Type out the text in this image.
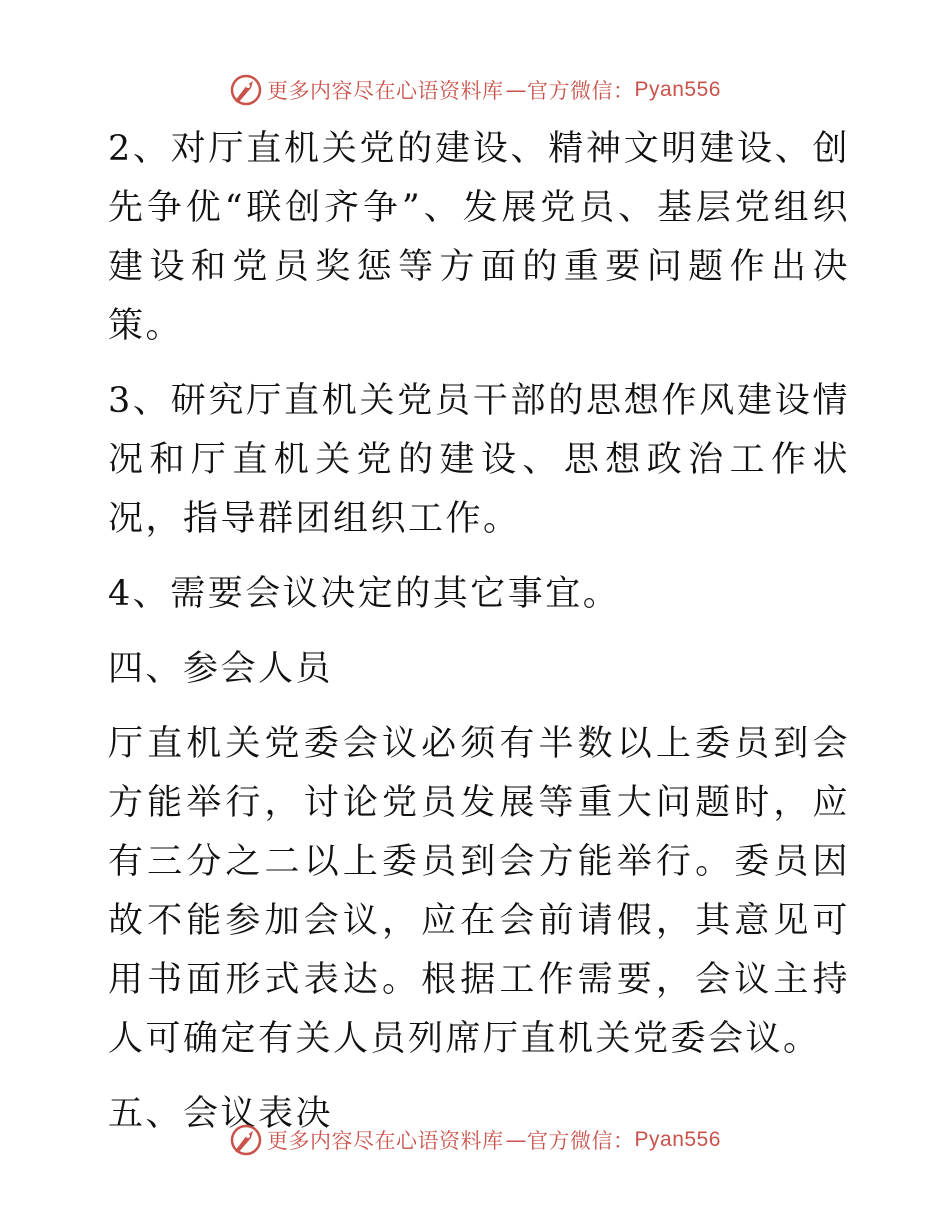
更多内容尽在心语资料库 — 官方微信： Pyan556

2、对厅直机关党的建设、精神文明建设、创先争优“联创齐争”、发展党员、基层党组织建设和党员奖惩等方面的重要问题作出决策。

3、研究厅直机关党员干部的思想作风建设情况和厅直机关党的建设、思想政治工作状况，指导群团组织工作。

4、需要会议决定的其它事宜。

四、参会人员

厅直机关党委会议必须有半数以上委员到会方能举行，讨论党员发展等重大问题时，应有三分之二以上委员到会方能举行。委员因故不能参加会议，应在会前请假，其意见可用书面形式表达。根据工作需要，会议主持人可确定有关人员列席厅直机关党委会议。

五、会议表决

更多内容尽在心语资料库 — 官方微信： Pyan556
